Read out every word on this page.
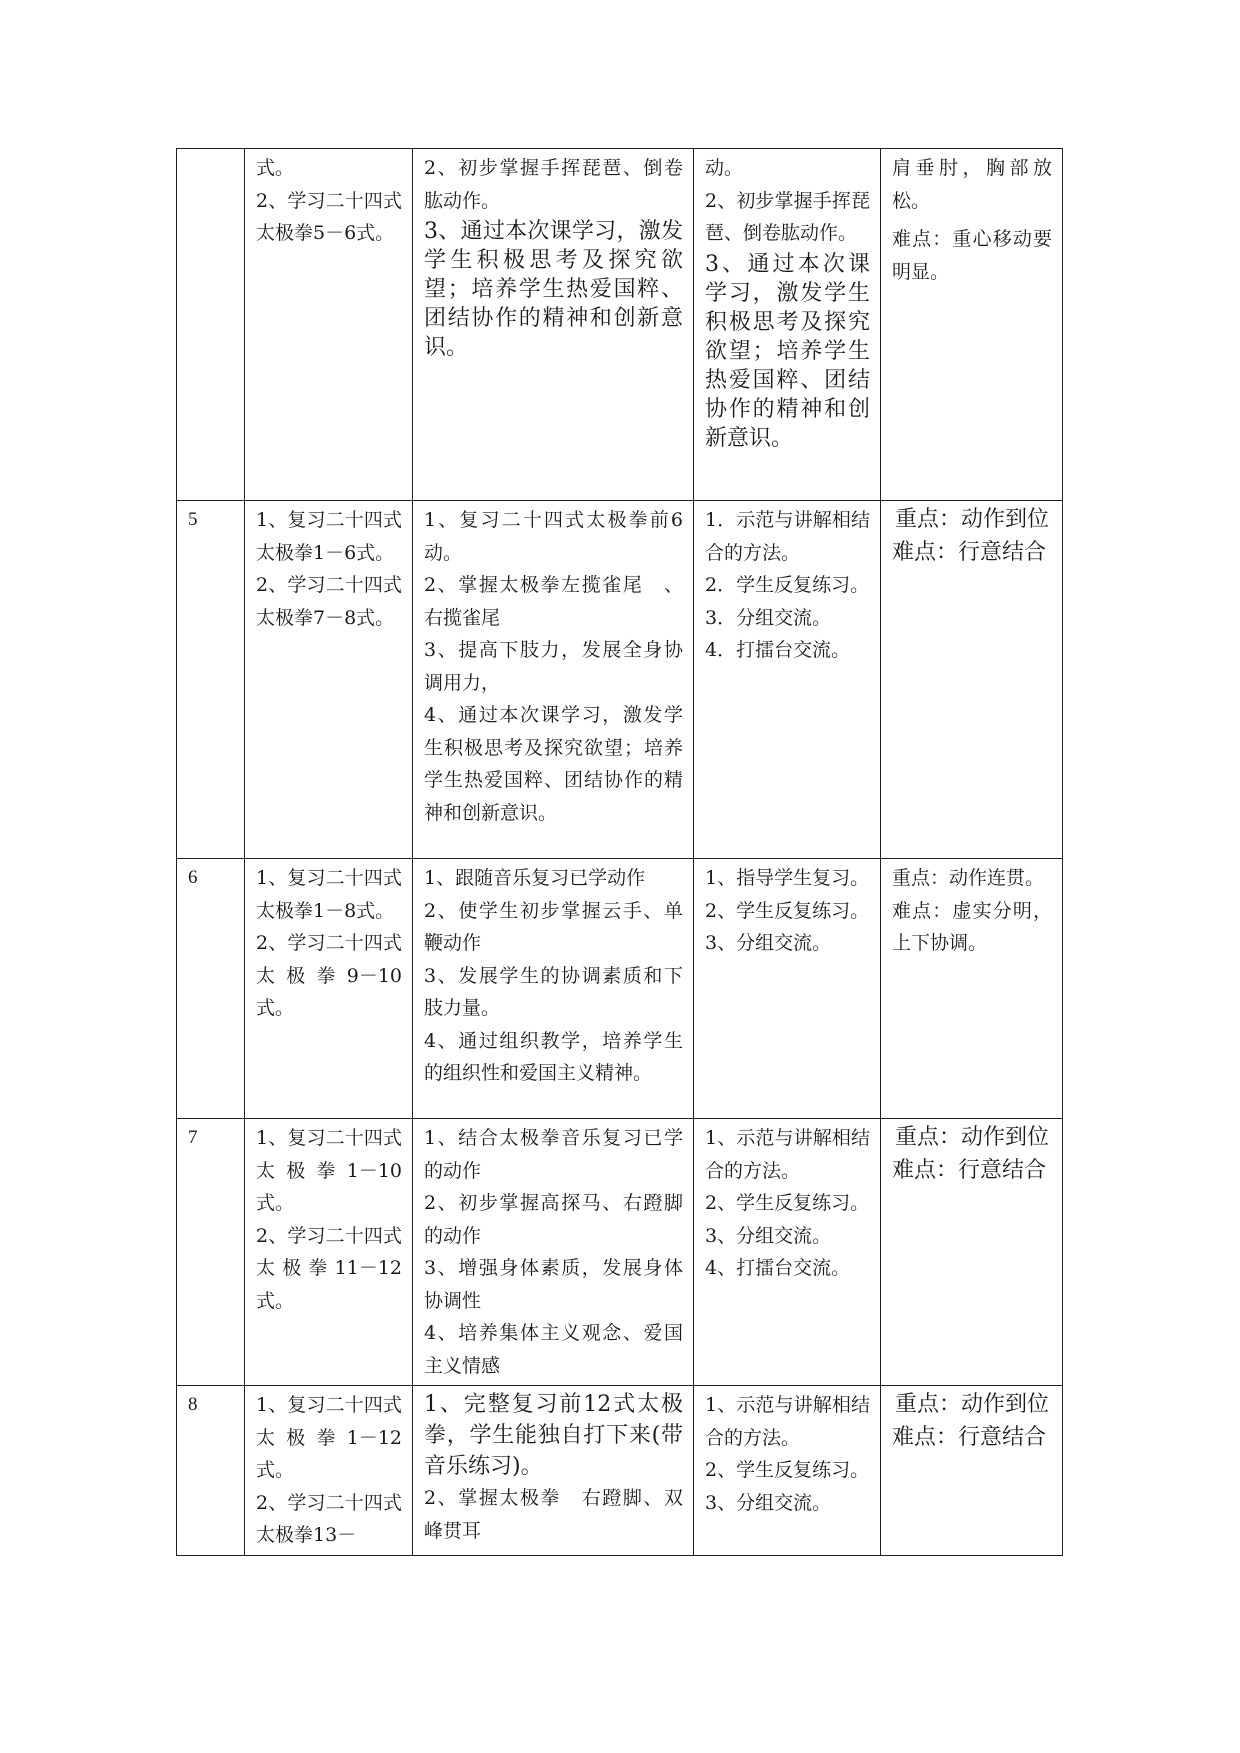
	式。
2、学习二十四式太极拳5－6式。	2、初步掌握手挥琵琶、倒卷肱动作。
3、通过本次课学习，激发学生积极思考及探究欲望；培养学生热爱国粹、团结协作的精神和创新意识。	动。
2、初步掌握手挥琵琶、倒卷肱动作。
3、通过本次课学习，激发学生积极思考及探究欲望；培养学生热爱国粹、团结协作的精神和创新意识。	肩垂肘，胸部放松。
难点：重心移动要明显。

5	1、复习二十四式太极拳1－6式。
2、学习二十四式太极拳7－8式。	1、复习二十四式太极拳前6动。
2、掌握太极拳左揽雀尾　、右揽雀尾
3、提高下肢力，发展全身协调用力，
4、通过本次课学习，激发学生积极思考及探究欲望；培养学生热爱国粹、团结协作的精神和创新意识。	1．示范与讲解相结合的方法。
2．学生反复练习。
3．分组交流。
4．打擂台交流。	重点：动作到位
难点：行意结合

6	1、复习二十四式太极拳1－8式。
2、学习二十四式太极拳9－10式。	1、跟随音乐复习已学动作
2、使学生初步掌握云手、单鞭动作
3、发展学生的协调素质和下肢力量。
4、通过组织教学，培养学生的组织性和爱国主义精神。	1、指导学生复习。
2、学生反复练习。
3、分组交流。	重点：动作连贯。
难点：虚实分明，上下协调。

7	1、复习二十四式太极拳1－10式。
2、学习二十四式太极拳11－12式。	1、结合太极拳音乐复习已学的动作
2、初步掌握高探马、右蹬脚的动作
3、增强身体素质，发展身体协调性
4、培养集体主义观念、爱国主义情感	1、示范与讲解相结合的方法。
2、学生反复练习。
3、分组交流。
4、打擂台交流。	重点：动作到位
难点：行意结合

8	1、复习二十四式太极拳1－12式。
2、学习二十四式太极拳13－	1、完整复习前12式太极拳，学生能独自打下来(带音乐练习)。
2、掌握太极拳　右蹬脚、双峰贯耳	1、示范与讲解相结合的方法。
2、学生反复练习。
3、分组交流。	重点：动作到位
难点：行意结合
